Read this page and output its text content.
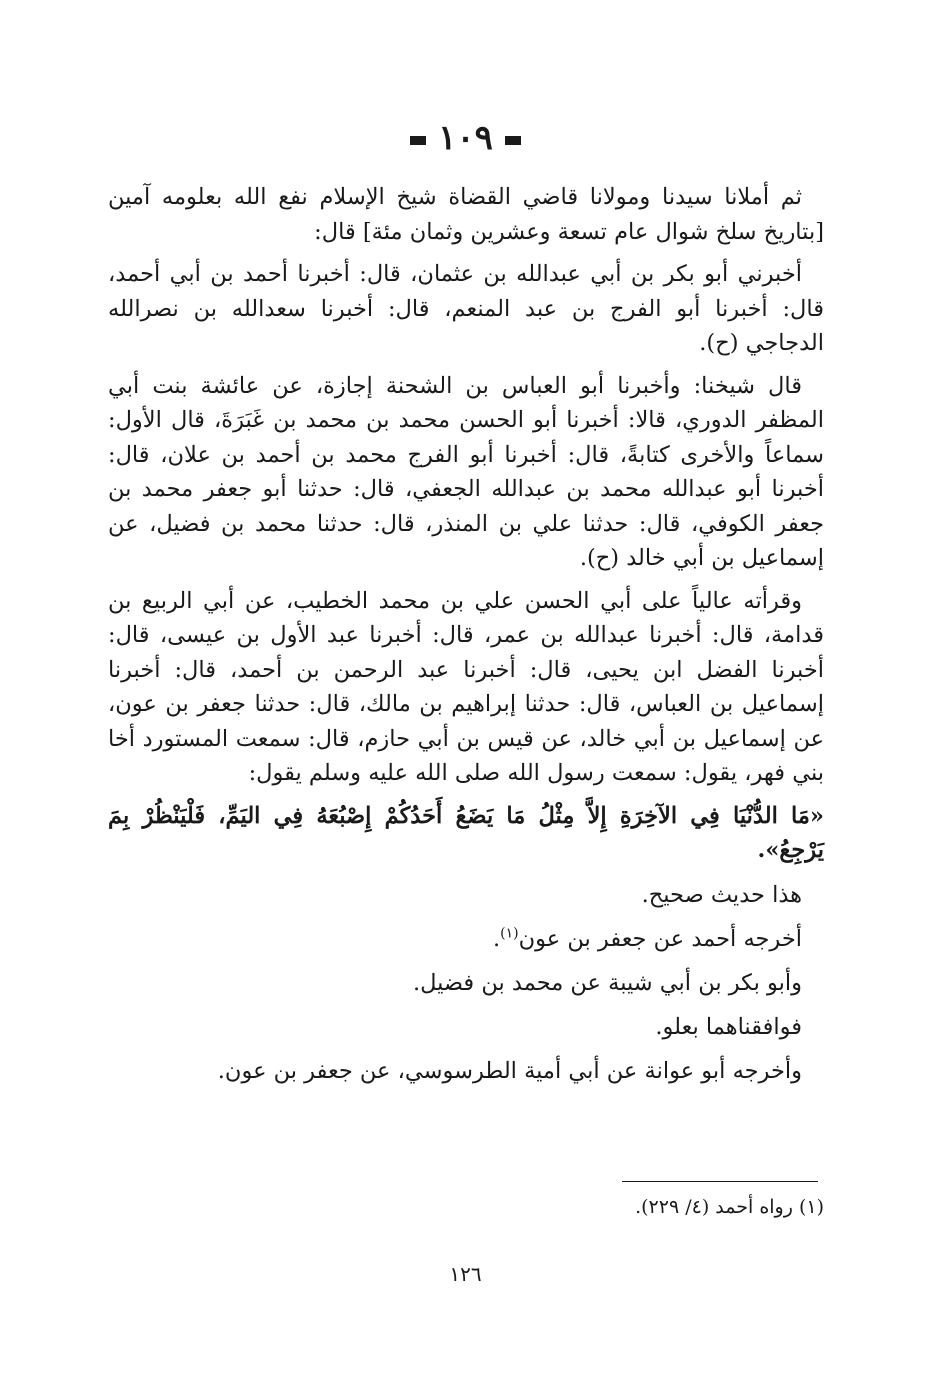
١٠٩

ثم أملانا سيدنا ومولانا قاضي القضاة شيخ الإسلام نفع الله بعلومه آمين [بتاريخ سلخ شوال عام تسعة وعشرين وثمان مئة] قال:

أخبرني أبو بكر بن أبي عبدالله بن عثمان، قال: أخبرنا أحمد بن أبي أحمد، قال: أخبرنا أبو الفرج بن عبد المنعم، قال: أخبرنا سعدالله بن نصرالله الدجاجي (ح).

قال شيخنا: وأخبرنا أبو العباس بن الشحنة إجازة، عن عائشة بنت أبي المظفر الدوري، قالا: أخبرنا أبو الحسن محمد بن محمد بن غَبَرَةَ، قال الأول: سماعاً والأخرى كتابةً، قال: أخبرنا أبو الفرج محمد بن أحمد بن علان، قال: أخبرنا أبو عبدالله محمد بن عبدالله الجعفي، قال: حدثنا أبو جعفر محمد بن جعفر الكوفي، قال: حدثنا علي بن المنذر، قال: حدثنا محمد بن فضيل، عن إسماعيل بن أبي خالد (ح).

وقرأته عالياً على أبي الحسن علي بن محمد الخطيب، عن أبي الربيع بن قدامة، قال: أخبرنا عبدالله بن عمر، قال: أخبرنا عبد الأول بن عيسى، قال: أخبرنا الفضل ابن يحيى، قال: أخبرنا عبد الرحمن بن أحمد، قال: أخبرنا إسماعيل بن العباس، قال: حدثنا إبراهيم بن مالك، قال: حدثنا جعفر بن عون، عن إسماعيل بن أبي خالد، عن قيس بن أبي حازم، قال: سمعت المستورد أخا بني فهر، يقول: سمعت رسول الله صلى الله عليه وسلم يقول:

«مَا الدُّنْيَا فِي الآخِرَةِ إِلاَّ مِثْلُ مَا يَضَعُ أَحَدُكُمْ إِصْبُعَهُ فِي اليَمِّ، فَلْيَنْظُرْ بِمَ يَرْجِعُ».

هذا حديث صحيح.

أخرجه أحمد عن جعفر بن عون$^{(١)}$.

وأبو بكر بن أبي شيبة عن محمد بن فضيل.

فوافقناهما بعلو.

وأخرجه أبو عوانة عن أبي أمية الطرسوسي، عن جعفر بن عون.

(١) رواه أحمد (٤/ ٢٢٩).
١٢٦
